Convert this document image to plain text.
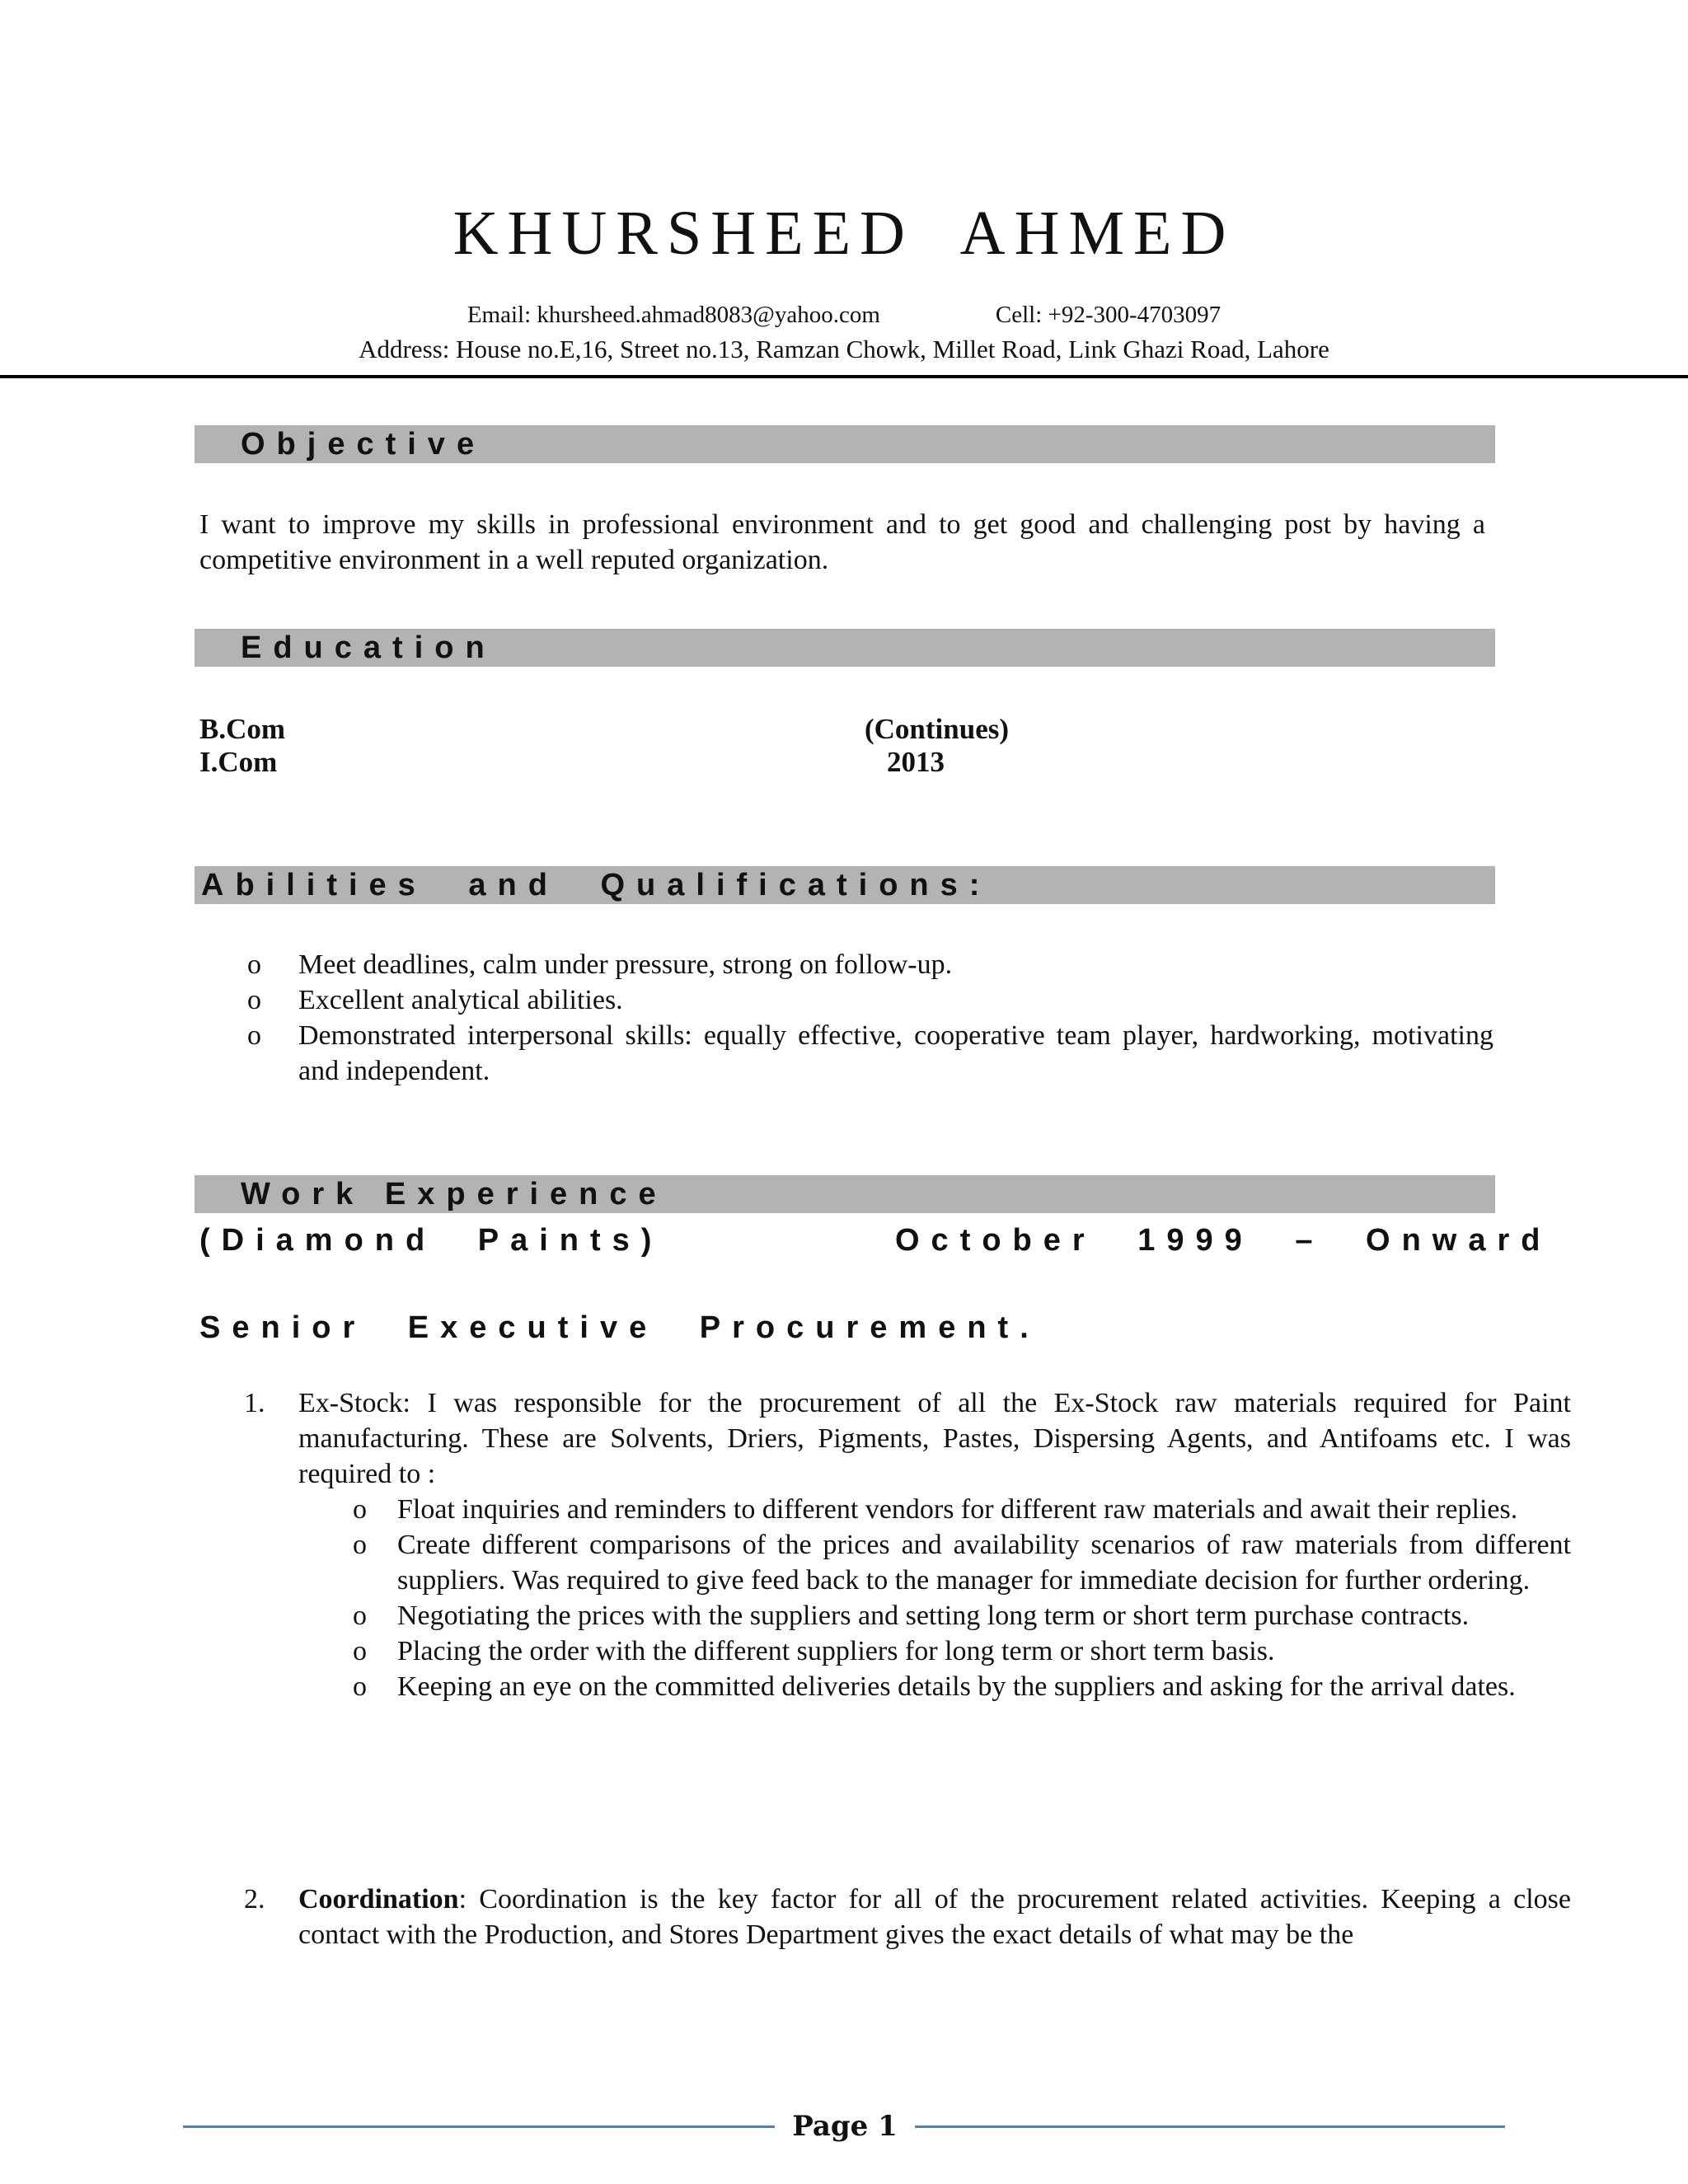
KHURSHEED AHMED
Email: khursheed.ahmad8083@yahoo.com	Cell: +92-300-4703097
Address: House no.E,16, Street no.13, Ramzan Chowk, Millet Road, Link Ghazi Road, Lahore
Objective

I want to improve my skills in professional environment and to get good and challenging post by having a competitive environment in a well reputed organization.

Education
B.Com	(Continues)
I.Com	2013
Abilities and Qualifications:
o Meet deadlines, calm under pressure, strong on follow-up.
o Excellent analytical abilities.
o Demonstrated interpersonal skills: equally effective, cooperative team player, hardworking, motivating and independent.
Work Experience
(Diamond Paints)	October 1999 – Onward
Senior Executive Procurement.
1. Ex-Stock: I was responsible for the procurement of all the Ex-Stock raw materials required for Paint manufacturing. These are Solvents, Driers, Pigments, Pastes, Dispersing Agents, and Antifoams etc. I was required to :
o Float inquiries and reminders to different vendors for different raw materials and await their replies.
o Create different comparisons of the prices and availability scenarios of raw materials from different suppliers. Was required to give feed back to the manager for immediate decision for further ordering.
o Negotiating the prices with the suppliers and setting long term or short term purchase contracts.
o Placing the order with the different suppliers for long term or short term basis.
o Keeping an eye on the committed deliveries details by the suppliers and asking for the arrival dates.
2. Coordination: Coordination is the key factor for all of the procurement related activities. Keeping a close contact with the Production, and Stores Department gives the exact details of what may be the
Page 1
